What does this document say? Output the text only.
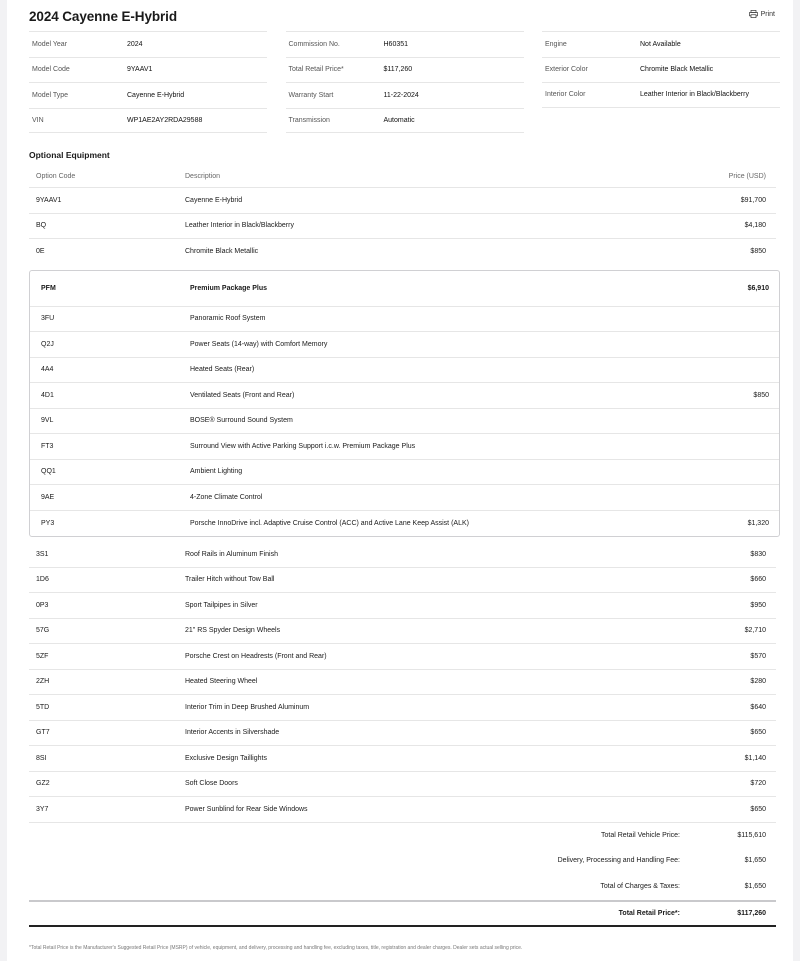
2024 Cayenne E-Hybrid	Print
Model Year	2024
Model Code	9YAAV1
Model Type	Cayenne E-Hybrid
VIN	WP1AE2AY2RDA29588
Commission No.	H60351
Total Retail Price*	$117,260
Warranty Start	11-22-2024
Transmission	Automatic
Engine	Not Available
Exterior Color	Chromite Black Metallic
Interior Color	Leather Interior in Black/Blackberry
Optional Equipment
Option Code	Description	Price (USD)
9YAAV1	Cayenne E-Hybrid	$91,700
BQ	Leather Interior in Black/Blackberry	$4,180
0E	Chromite Black Metallic	$850
PFM	Premium Package Plus	$6,910
3FU	Panoramic Roof System
Q2J	Power Seats (14-way) with Comfort Memory
4A4	Heated Seats (Rear)
4D1	Ventilated Seats (Front and Rear)	$850
9VL	BOSE® Surround Sound System
FT3	Surround View with Active Parking Support i.c.w. Premium Package Plus
QQ1	Ambient Lighting
9AE	4-Zone Climate Control
PY3	Porsche InnoDrive incl. Adaptive Cruise Control (ACC) and Active Lane Keep Assist (ALK)	$1,320
3S1	Roof Rails in Aluminum Finish	$830
1D6	Trailer Hitch without Tow Ball	$660
0P3	Sport Tailpipes in Silver	$950
57G	21" RS Spyder Design Wheels	$2,710
5ZF	Porsche Crest on Headrests (Front and Rear)	$570
2ZH	Heated Steering Wheel	$280
5TD	Interior Trim in Deep Brushed Aluminum	$640
GT7	Interior Accents in Silvershade	$650
8SI	Exclusive Design Taillights	$1,140
GZ2	Soft Close Doors	$720
3Y7	Power Sunblind for Rear Side Windows	$650
Total Retail Vehicle Price:	$115,610
Delivery, Processing and Handling Fee:	$1,650
Total of Charges & Taxes:	$1,650
Total Retail Price*:	$117,260
*Total Retail Price is the Manufacturer's Suggested Retail Price (MSRP) of vehicle, equipment, and delivery, processing and handling fee, excluding taxes, title, registration and dealer charges. Dealer sets actual selling price.
